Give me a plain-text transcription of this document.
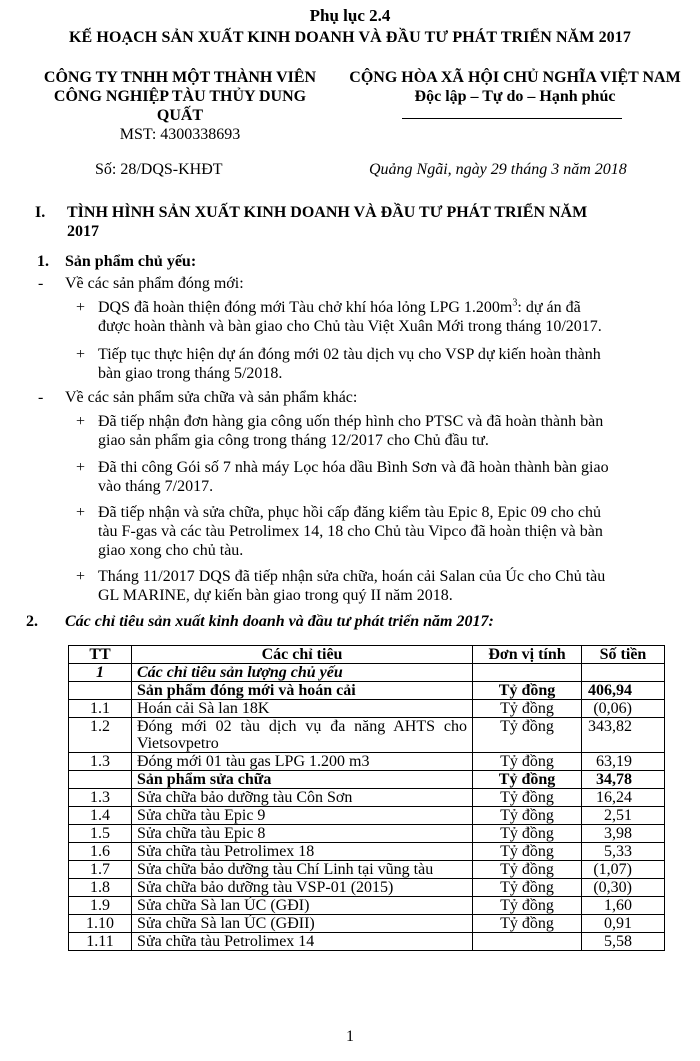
Phụ lục 2.4
KẾ HOẠCH SẢN XUẤT KINH DOANH VÀ ĐẦU TƯ PHÁT TRIỂN NĂM 2017
CÔNG TY TNHH MỘT THÀNH VIÊN
CÔNG NGHIỆP TÀU THỦY DUNG QUẤT
MST: 4300338693
CỘNG HÒA XÃ HỘI CHỦ NGHĨA VIỆT NAM
Độc lập – Tự do – Hạnh phúc
Số: 28/DQS-KHĐT	Quảng Ngãi, ngày 29 tháng 3 năm 2018
I. TÌNH HÌNH SẢN XUẤT KINH DOANH VÀ ĐẦU TƯ PHÁT TRIỂN NĂM
2017
1. Sản phẩm chủ yếu:
- Về các sản phẩm đóng mới:
+ DQS đã hoàn thiện đóng mới Tàu chở khí hóa lỏng LPG $1.200m^3$: dự án đã
được hoàn thành và bàn giao cho Chủ tàu Việt Xuân Mới trong tháng 10/2017.
+ Tiếp tục thực hiện dự án đóng mới 02 tàu dịch vụ cho VSP dự kiến hoàn thành
bàn giao trong tháng 5/2018.
- Về các sản phẩm sửa chữa và sản phẩm khác:
+ Đã tiếp nhận đơn hàng gia công uốn thép hình cho PTSC và đã hoàn thành bàn
giao sản phẩm gia công trong tháng 12/2017 cho Chủ đầu tư.
+ Đã thi công Gói số 7 nhà máy Lọc hóa dầu Bình Sơn và đã hoàn thành bàn giao
vào tháng 7/2017.
+ Đã tiếp nhận và sửa chữa, phục hồi cấp đăng kiểm tàu Epic 8, Epic 09 cho chủ
tàu F-gas và các tàu Petrolimex 14, 18 cho Chủ tàu Vipco đã hoàn thiện và bàn
giao xong cho chủ tàu.
+ Tháng 11/2017 DQS đã tiếp nhận sửa chữa, hoán cải Salan của Úc cho Chủ tàu
GL MARINE, dự kiến bàn giao trong quý II năm 2018.
2. Các chỉ tiêu sản xuất kinh doanh và đầu tư phát triển năm 2017:
TT	Các chỉ tiêu	Đơn vị tính	Số tiền
1	Các chỉ tiêu sản lượng chủ yếu		
	Sản phẩm đóng mới và hoán cải	Tỷ đồng	406,94
1.1	Hoán cải Sà lan 18K	Tỷ đồng	(0,06)
1.2	Đóng mới 02 tàu dịch vụ đa năng AHTS cho Vietsovpetro	Tỷ đồng	343,82
1.3	Đóng mới 01 tàu gas LPG 1.200 m3	Tỷ đồng	63,19
	Sản phẩm sửa chữa	Tỷ đồng	34,78
1.3	Sửa chữa bảo dưỡng tàu Côn Sơn	Tỷ đồng	16,24
1.4	Sửa chữa tàu Epic 9	Tỷ đồng	2,51
1.5	Sửa chữa tàu Epic 8	Tỷ đồng	3,98
1.6	Sửa chữa tàu Petrolimex 18	Tỷ đồng	5,33
1.7	Sửa chữa bảo dưỡng tàu Chí Linh tại vũng tàu	Tỷ đồng	(1,07)
1.8	Sửa chữa bảo dưỡng tàu VSP-01 (2015)	Tỷ đồng	(0,30)
1.9	Sửa chữa Sà lan ÚC (GĐI)	Tỷ đồng	1,60
1.10	Sửa chữa Sà lan ÚC (GĐII)	Tỷ đồng	0,91
1.11	Sửa chữa tàu Petrolimex 14		5,58
1
